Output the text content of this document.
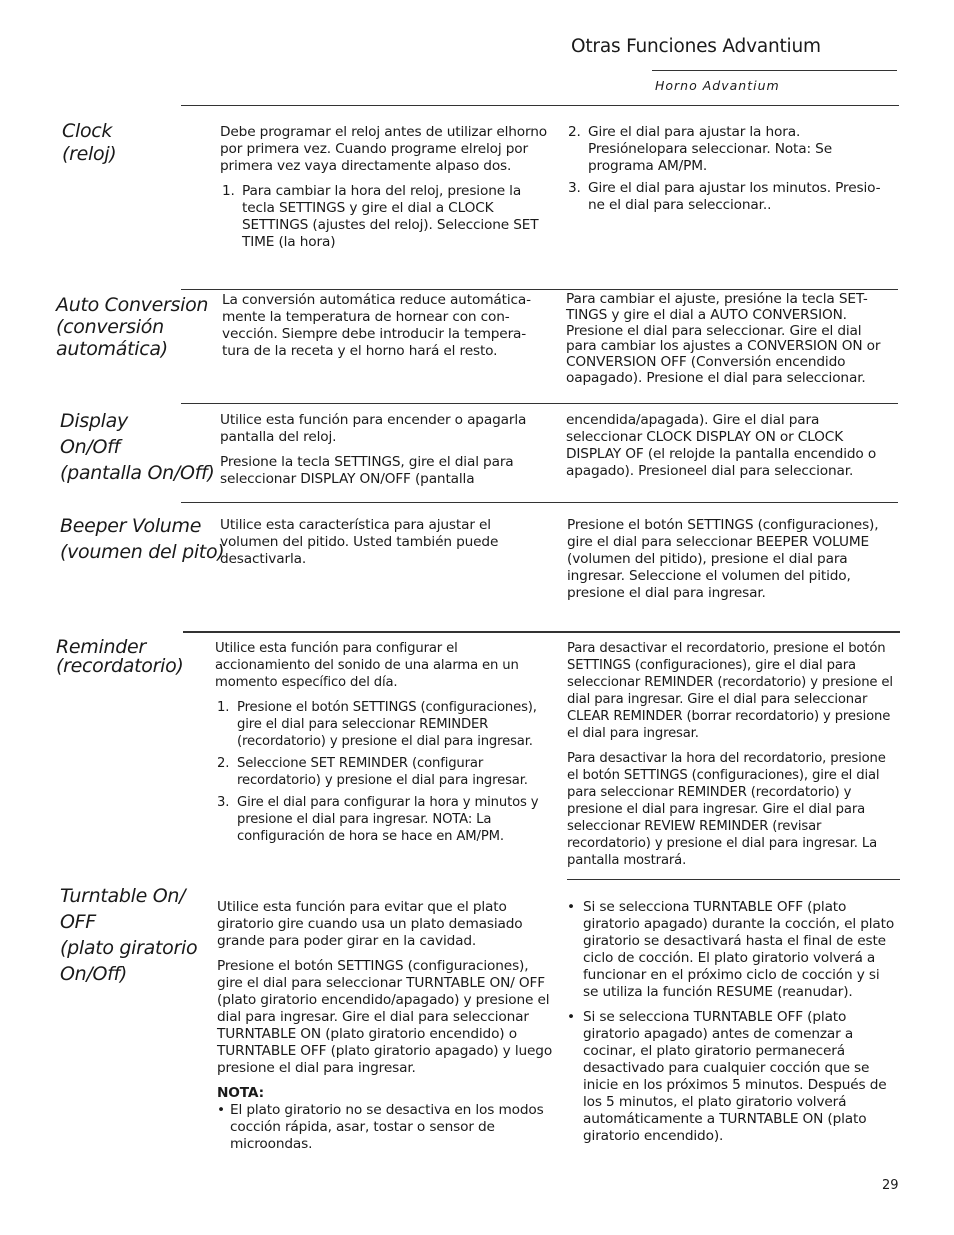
Otras Funciones Advantium
Horno Advantium
Clock
(reloj)

Debe programar el reloj antes de utilizar elhorno por primera vez. Cuando programe elreloj por primera vez vaya directamente alpaso dos.

1. Para cambiar la hora del reloj, presione la tecla SETTINGS y gire el dial a CLOCK SETTINGS (ajustes del reloj). Seleccione SET TIME (la hora)
2. Gire el dial para ajustar la hora. Presiónelopara seleccionar. Nota: Se programa AM/PM.
3. Gire el dial para ajustar los minutos. Presio-ne el dial para seleccionar..
Auto Conversion
(conversión
automática)
La conversión automática reduce automática-mente la temperatura de hornear con con-vección. Siempre debe introducir la tempera-tura de la receta y el horno hará el resto.
Para cambiar el ajuste, presióne la tecla SET-TINGS y gire el dial a AUTO CONVERSION. Presione el dial para seleccionar. Gire el dial para cambiar los ajustes a CONVERSION ON or CONVERSION OFF (Conversión encendido oapagado). Presione el dial para seleccionar.
Display
On/Off
(pantalla On/Off)

Utilice esta función para encender o apagarla pantalla del reloj.

Presione la tecla SETTINGS, gire el dial para seleccionar DISPLAY ON/OFF (pantalla

encendida/apagada). Gire el dial para seleccionar CLOCK DISPLAY ON or CLOCK DISPLAY OF (el relojde la pantalla encendido o apagado). Presioneel dial para seleccionar.
Beeper Volume
(voumen del pito)
Utilice esta característica para ajustar el volumen del pitido. Usted también puede desactivarla.
Presione el botón SETTINGS (configuraciones), gire el dial para seleccionar BEEPER VOLUME (volumen del pitido), presione el dial para ingresar. Seleccione el volumen del pitido, presione el dial para ingresar.
Reminder
(recordatorio)

Utilice esta función para configurar el accionamiento del sonido de una alarma en un momento específico del día.

1. Presione el botón SETTINGS (configuraciones), gire el dial para seleccionar REMINDER (recordatorio) y presione el dial para ingresar.
2. Seleccione SET REMINDER (configurar recordatorio) y presione el dial para ingresar.
3. Gire el dial para configurar la hora y minutos y presione el dial para ingresar. NOTA: La configuración de hora se hace en AM/PM.

Para desactivar el recordatorio, presione el botón SETTINGS (configuraciones), gire el dial para seleccionar REMINDER (recordatorio) y presione el dial para ingresar. Gire el dial para seleccionar CLEAR REMINDER (borrar recordatorio) y presione el dial para ingresar.

Para desactivar la hora del recordatorio, presione el botón SETTINGS (configuraciones), gire el dial para seleccionar REMINDER (recordatorio) y presione el dial para ingresar. Gire el dial para seleccionar REVIEW REMINDER (revisar recordatorio) y presione el dial para ingresar. La pantalla mostrará.

Turntable On/
OFF
(plato giratorio
On/Off)

Utilice esta función para evitar que el plato giratorio gire cuando usa un plato demasiado grande para poder girar en la cavidad.

Presione el botón SETTINGS (configuraciones), gire el dial para seleccionar TURNTABLE ON/ OFF (plato giratorio encendido/apagado) y presione el dial para ingresar. Gire el dial para seleccionar TURNTABLE ON (plato giratorio encendido) o TURNTABLE OFF (plato giratorio apagado) y luego presione el dial para ingresar.

NOTA:
• El plato giratorio no se desactiva en los modos cocción rápida, asar, tostar o sensor de microondas.
• Si se selecciona TURNTABLE OFF (plato giratorio apagado) durante la cocción, el plato giratorio se desactivará hasta el final de este ciclo de cocción. El plato giratorio volverá a funcionar en el próximo ciclo de cocción y si se utiliza la función RESUME (reanudar).
• Si se selecciona TURNTABLE OFF (plato giratorio apagado) antes de comenzar a cocinar, el plato giratorio permanecerá desactivado para cualquier cocción que se inicie en los próximos 5 minutos. Después de los 5 minutos, el plato giratorio volverá automáticamente a TURNTABLE ON (plato giratorio encendido).
29
